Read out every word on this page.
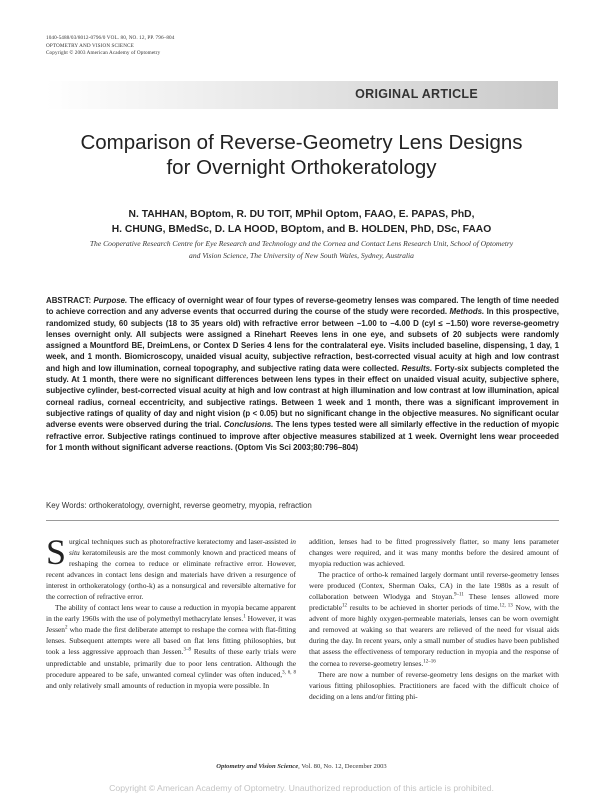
1040-5488/03/8012-0796/0 VOL. 80, NO. 12, PP. 796–804
OPTOMETRY AND VISION SCIENCE
Copyright © 2003 American Academy of Optometry
ORIGINAL ARTICLE
Comparison of Reverse-Geometry Lens Designs
for Overnight Orthokeratology
N. TAHHAN, BOptom, R. DU TOIT, MPhil Optom, FAAO, E. PAPAS, PhD,
H. CHUNG, BMedSc, D. LA HOOD, BOptom, and B. HOLDEN, PhD, DSc, FAAO
The Cooperative Research Centre for Eye Research and Technology and the Cornea and Contact Lens Research Unit, School of Optometry
and Vision Science, The University of New South Wales, Sydney, Australia
ABSTRACT: Purpose. The efficacy of overnight wear of four types of reverse-geometry lenses was compared. The length of time needed to achieve correction and any adverse events that occurred during the course of the study were recorded. Methods. In this prospective, randomized study, 60 subjects (18 to 35 years old) with refractive error between −1.00 to −4.00 D (cyl ≤ −1.50) wore reverse-geometry lenses overnight only. All subjects were assigned a Rinehart Reeves lens in one eye, and subsets of 20 subjects were randomly assigned a Mountford BE, DreimLens, or Contex D Series 4 lens for the contralateral eye. Visits included baseline, dispensing, 1 day, 1 week, and 1 month. Biomicroscopy, unaided visual acuity, subjective refraction, best-corrected visual acuity at high and low contrast and high and low illumination, corneal topography, and subjective rating data were collected. Results. Forty-six subjects completed the study. At 1 month, there were no significant differences between lens types in their effect on unaided visual acuity, subjective sphere, subjective cylinder, best-corrected visual acuity at high and low contrast at high illumination and low contrast at low illumination, apical corneal radius, corneal eccentricity, and subjective ratings. Between 1 week and 1 month, there was a significant improvement in subjective ratings of quality of day and night vision (p < 0.05) but no significant change in the objective measures. No significant ocular adverse events were observed during the trial. Conclusions. The lens types tested were all similarly effective in the reduction of myopic refractive error. Subjective ratings continued to improve after objective measures stabilized at 1 week. Overnight lens wear proceeded for 1 month without significant adverse reactions. (Optom Vis Sci 2003;80:796–804)
Key Words: orthokeratology, overnight, reverse geometry, myopia, refraction

Surgical techniques such as photorefractive keratectomy and laser-assisted in situ keratomileusis are the most commonly known and practiced means of reshaping the cornea to reduce or eliminate refractive error. However, recent advances in contact lens design and materials have driven a resurgence of interest in orthokeratology (ortho-k) as a nonsurgical and reversible alternative for the correction of refractive error.

The ability of contact lens wear to cause a reduction in myopia became apparent in the early 1960s with the use of polymethyl methacrylate lenses.$^1$ However, it was Jessen$^2$ who made the first deliberate attempt to reshape the cornea with flat-fitting lenses. Subsequent attempts were all based on flat lens fitting philosophies, but took a less aggressive approach than Jessen.$^{3-8}$ Results of these early trials were unpredictable and unstable, primarily due to poor lens centration. Although the procedure appeared to be safe, unwanted corneal cylinder was often induced,$^{3, 6, 8}$ and only relatively small amounts of reduction in myopia were possible. In

addition, lenses had to be fitted progressively flatter, so many lens parameter changes were required, and it was many months before the desired amount of myopia reduction was achieved.

The practice of ortho-k remained largely dormant until reverse-geometry lenses were produced (Contex, Sherman Oaks, CA) in the late 1980s as a result of collaboration between Wlodyga and Stoyan.$^{9-11}$ These lenses allowed more predictable$^{12}$ results to be achieved in shorter periods of time.$^{12, 13}$ Now, with the advent of more highly oxygen-permeable materials, lenses can be worn overnight and removed at waking so that wearers are relieved of the need for visual aids during the day. In recent years, only a small number of studies have been published that assess the effectiveness of temporary reduction in myopia and the response of the cornea to reverse-geometry lenses.$^{12-16}$

There are now a number of reverse-geometry lens designs on the market with various fitting philosophies. Practitioners are faced with the difficult choice of deciding on a lens and/or fitting phi-

Optometry and Vision Science, Vol. 80, No. 12, December 2003
Copyright © American Academy of Optometry. Unauthorized reproduction of this article is prohibited.
